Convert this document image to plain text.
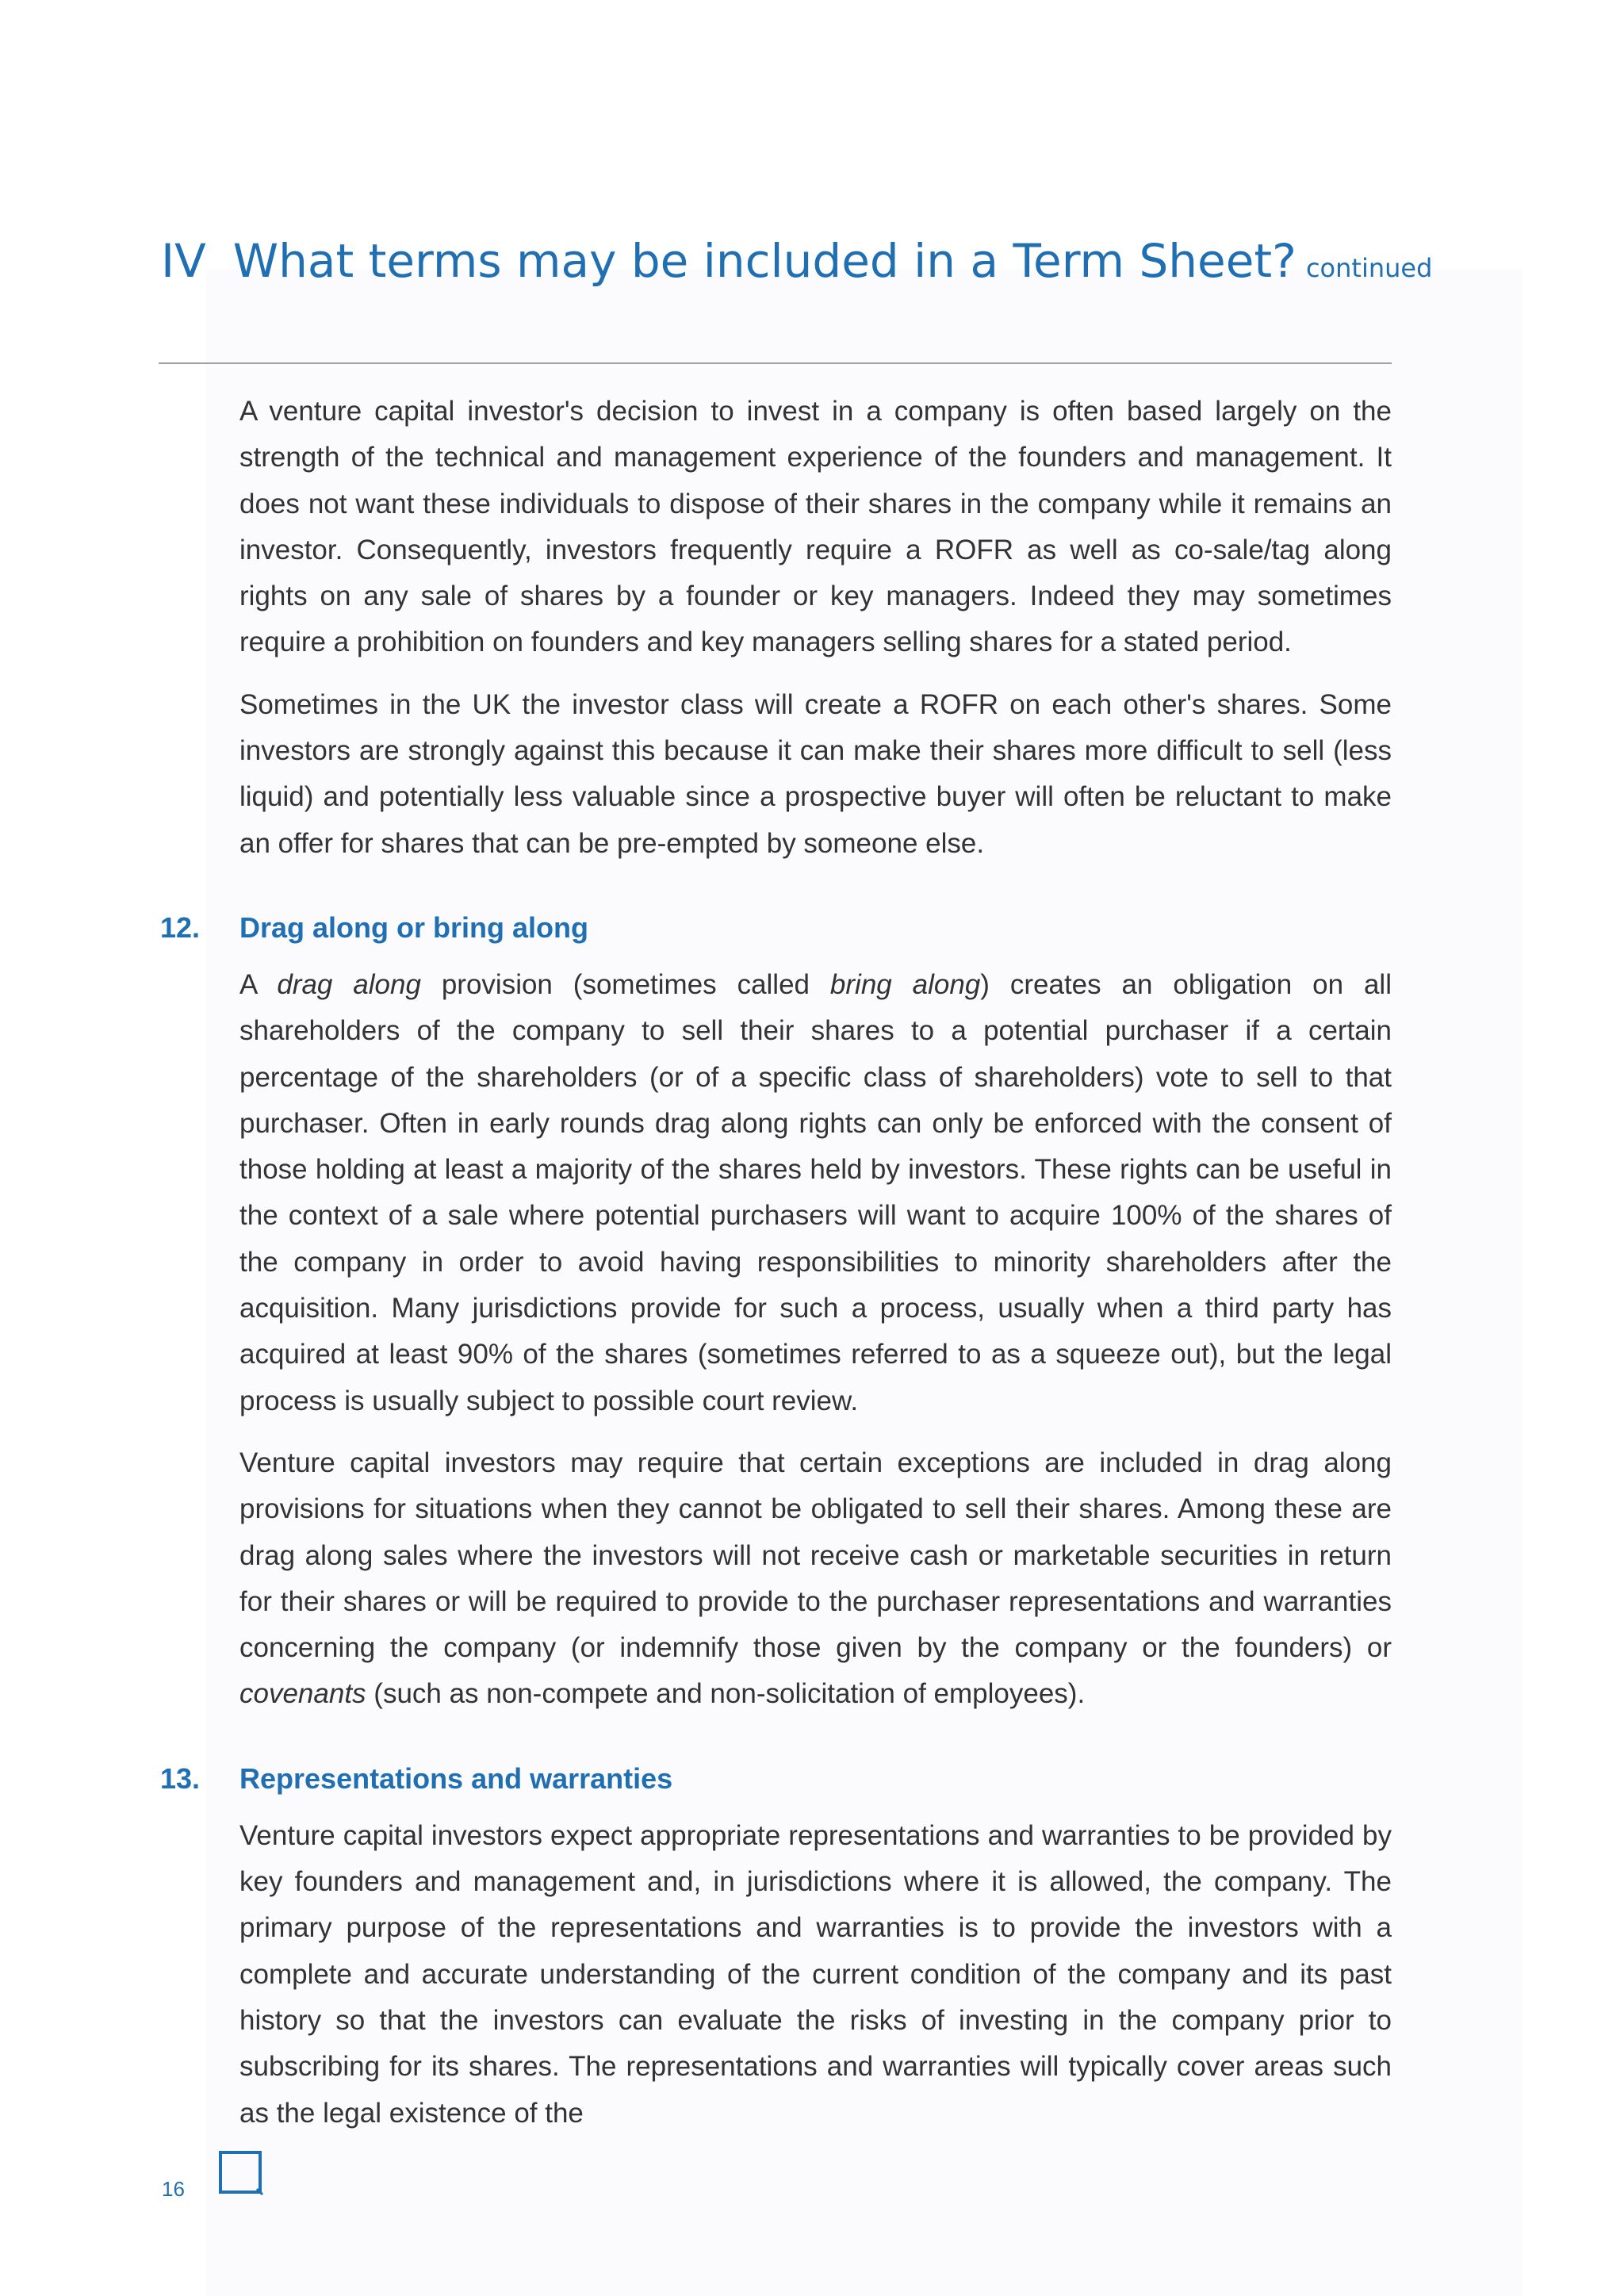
IV What terms may be included in a Term Sheet? continued

A venture capital investor's decision to invest in a company is often based largely on the strength of the technical and management experience of the founders and management. It does not want these individuals to dispose of their shares in the company while it remains an investor. Consequently, investors frequently require a ROFR as well as co-sale/tag along rights on any sale of shares by a founder or key managers. Indeed they may sometimes require a prohibition on founders and key managers selling shares for a stated period.

Sometimes in the UK the investor class will create a ROFR on each other's shares. Some investors are strongly against this because it can make their shares more difficult to sell (less liquid) and potentially less valuable since a prospective buyer will often be reluctant to make an offer for shares that can be pre-empted by someone else.

12. Drag along or bring along

A drag along provision (sometimes called bring along) creates an obligation on all shareholders of the company to sell their shares to a potential purchaser if a certain percentage of the shareholders (or of a specific class of shareholders) vote to sell to that purchaser. Often in early rounds drag along rights can only be enforced with the consent of those holding at least a majority of the shares held by investors. These rights can be useful in the context of a sale where potential purchasers will want to acquire 100% of the shares of the company in order to avoid having responsibilities to minority shareholders after the acquisition. Many jurisdictions provide for such a process, usually when a third party has acquired at least 90% of the shares (sometimes referred to as a squeeze out), but the legal process is usually subject to possible court review.

Venture capital investors may require that certain exceptions are included in drag along provisions for situations when they cannot be obligated to sell their shares. Among these are drag along sales where the investors will not receive cash or marketable securities in return for their shares or will be required to provide to the purchaser representations and warranties concerning the company (or indemnify those given by the company or the founders) or covenants (such as non-compete and non-solicitation of employees).

13. Representations and warranties

Venture capital investors expect appropriate representations and warranties to be provided by key founders and management and, in jurisdictions where it is allowed, the company. The primary purpose of the representations and warranties is to provide the investors with a complete and accurate understanding of the current condition of the company and its past history so that the investors can evaluate the risks of investing in the company prior to subscribing for its shares. The representations and warranties will typically cover areas such as the legal existence of the

16
